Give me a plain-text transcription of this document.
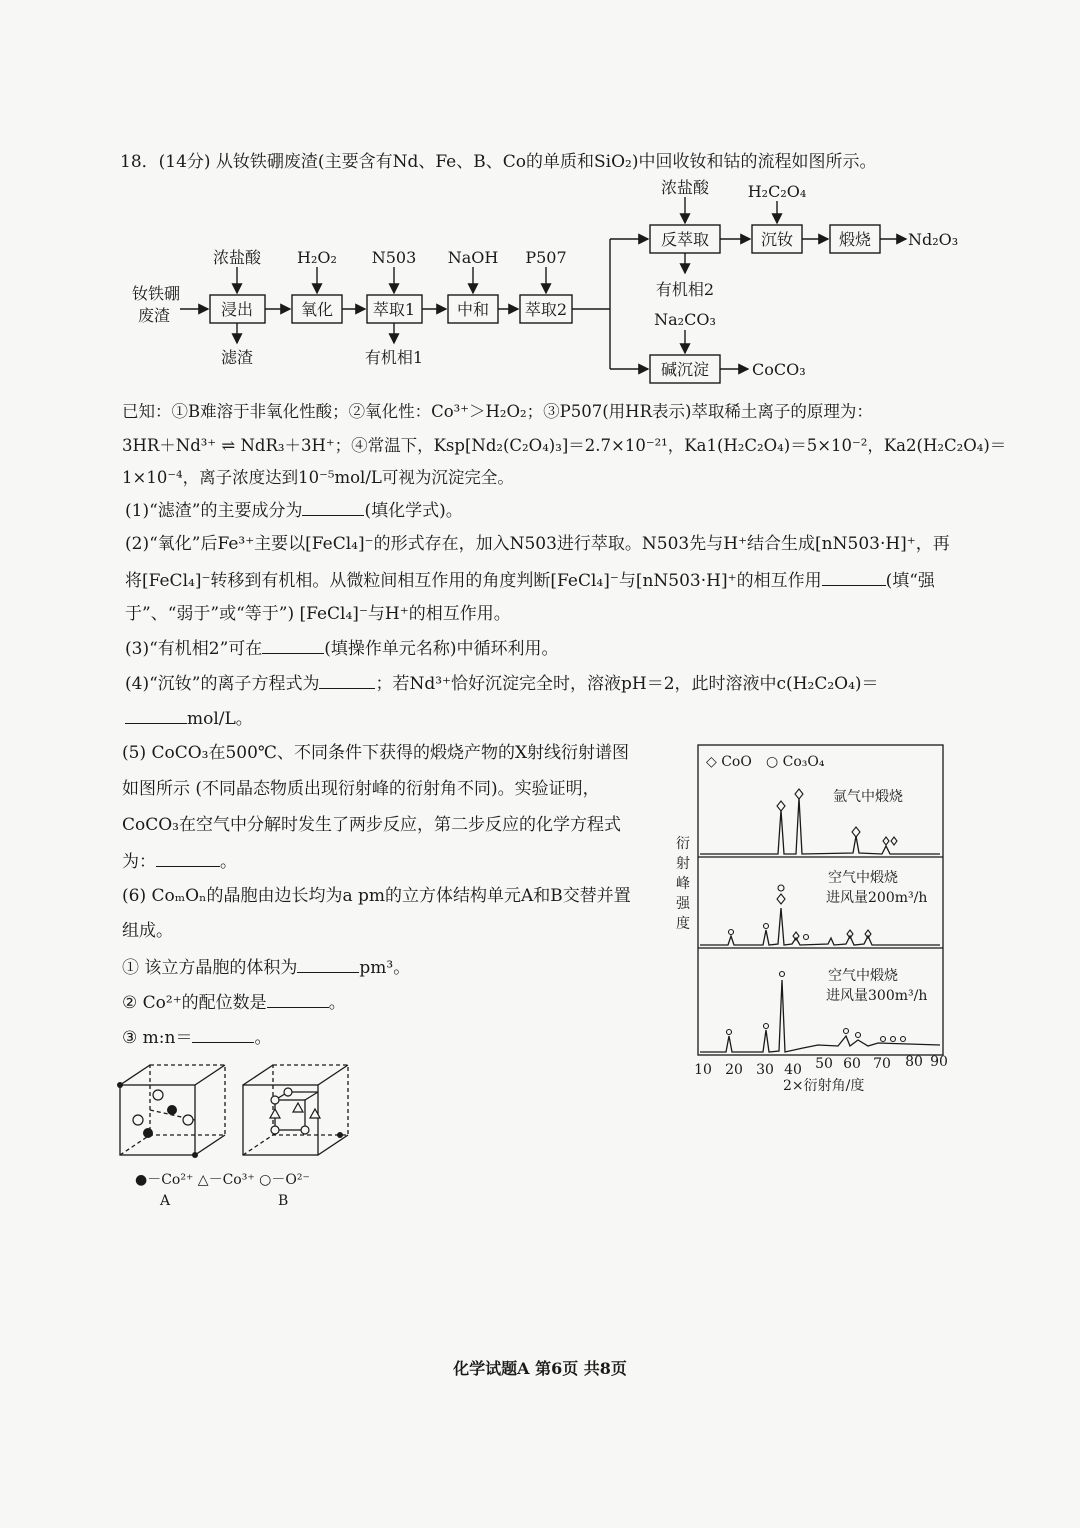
18．(14分) 从钕铁硼废渣(主要含有Nd、Fe、B、Co的单质和SiO₂)中回收钕和钴的流程如图所示。
钕铁硼
废渣	浸出	氧化 萃取1	中和 萃取2
反萃取	沉钕	煅烧
碱沉淀
浓盐酸 H₂O₂ N503 NaOH P507
浓盐酸 H₂C₂O₄
Na₂CO₃
滤渣	有机相1
有机相2
Nd₂O₃
CoCO₃
已知：①B难溶于非氧化性酸；②氧化性：Co³⁺＞H₂O₂；③P507(用HR表示)萃取稀土离子的原理为：
3HR＋Nd³⁺ ⇌ NdR₃＋3H⁺；④常温下，Ksp[Nd₂(C₂O₄)₃]＝2.7×10⁻²¹，Ka1(H₂C₂O₄)＝5×10⁻²，Ka2(H₂C₂O₄)＝
1×10⁻⁴，离子浓度达到10⁻⁵mol/L可视为沉淀完全。
(1)“滤渣”的主要成分为	(填化学式)。
(2)“氧化”后Fe³⁺主要以[FeCl₄]⁻的形式存在，加入N503进行萃取。N503先与H⁺结合生成[nN503·H]⁺，再
将[FeCl₄]⁻转移到有机相。从微粒间相互作用的角度判断[FeCl₄]⁻与[nN503·H]⁺的相互作用	(填“强
于”、“弱于”或“等于”) [FeCl₄]⁻与H⁺的相互作用。
(3)“有机相2”可在	(填操作单元名称)中循环利用。
(4)“沉钕”的离子方程式为	；若Nd³⁺恰好沉淀完全时，溶液pH＝2，此时溶液中c(H₂C₂O₄)＝
mol/L。
(5) CoCO₃在500℃、不同条件下获得的煅烧产物的X射线衍射谱图
如图所示 (不同晶态物质出现衍射峰的衍射角不同)。实验证明，
CoCO₃在空气中分解时发生了两步反应，第二步反应的化学方程式
为：	。
(6) CoₘOₙ的晶胞由边长均为a pm的立方体结构单元A和B交替并置
组成。
① 该立方晶胞的体积为	pm³。
② Co²⁺的配位数是	。
③ m:n＝	。
◇ CoO ○ Co₃O₄
氩气中煅烧
空气中煅烧
进风量200m³/h
空气中煅烧
进风量300m³/h
衍
射
峰
强
度
10 20 30 40 50 60 70 80 90
2×衍射角/度
●－Co²⁺ △－Co³⁺ ○－O²⁻
A	B
化学试题A 第6页 共8页
